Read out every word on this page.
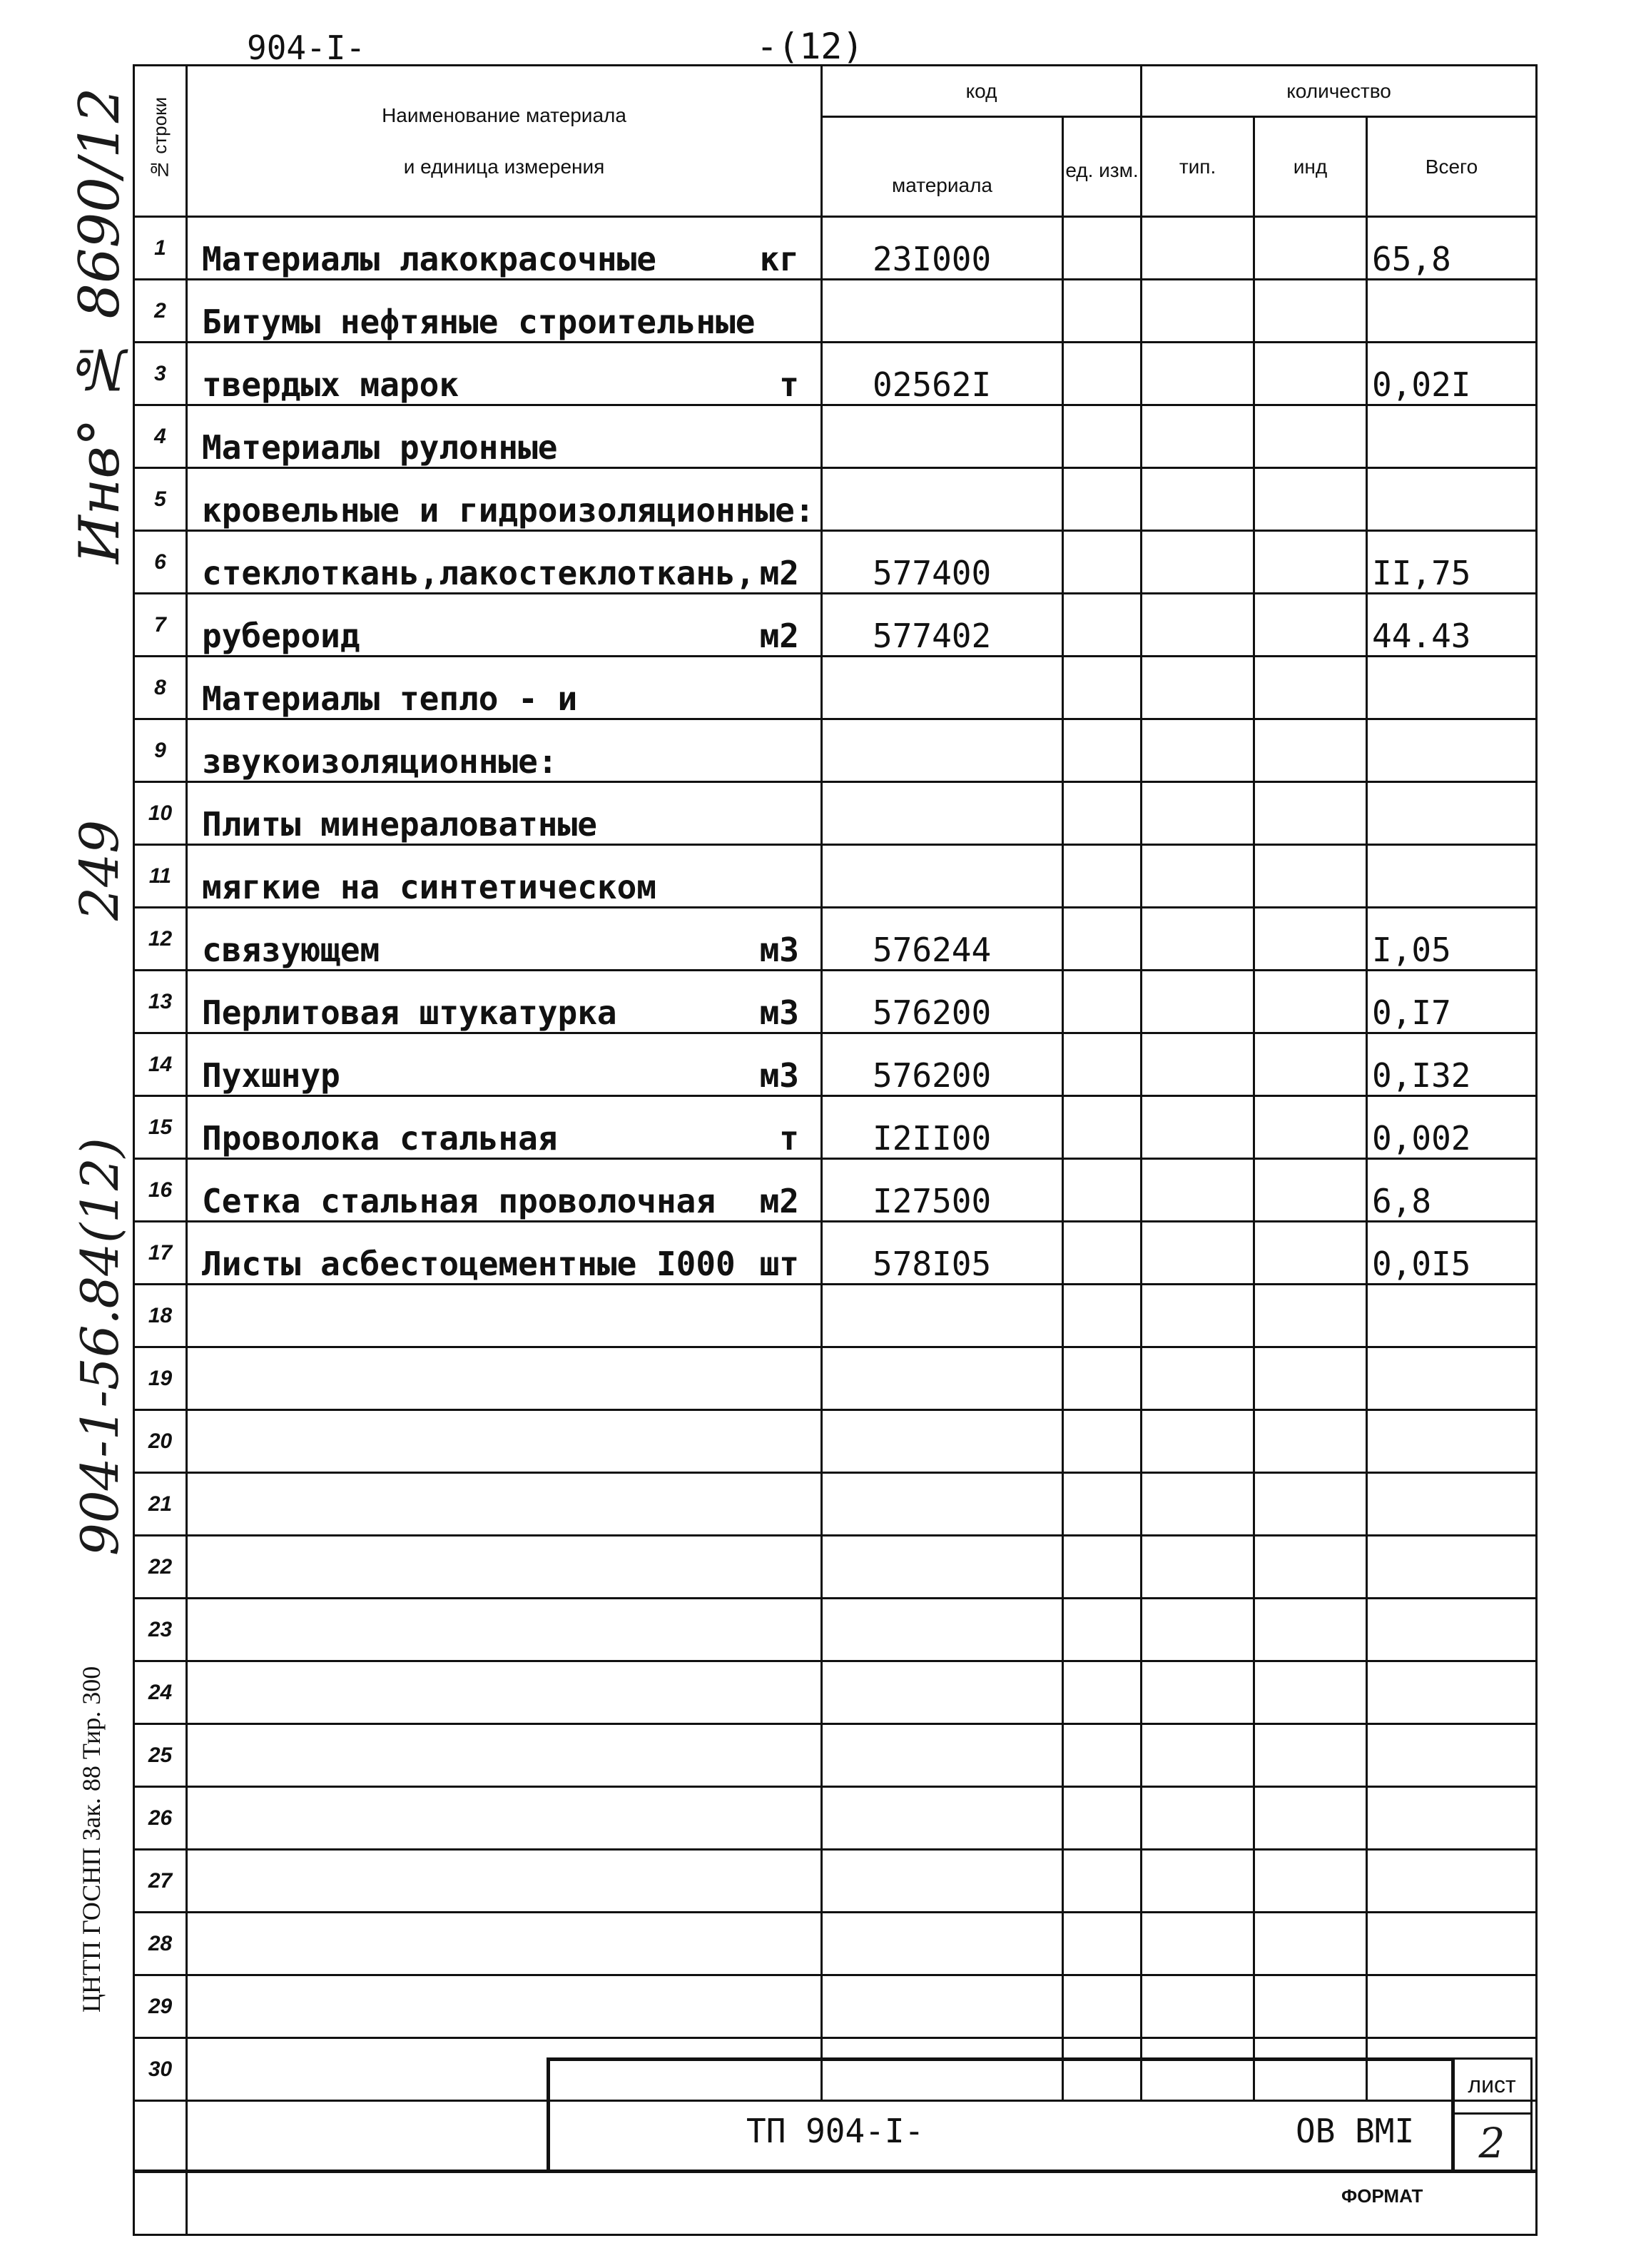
904-I-	-(12)
Инв° № 8690/12
249
904-1-56.84(12)
ЦНТП ГОСНП Зак. 88 Тир. 300
№ строки	Наименование материала
и единица измерения	код		количество		
		материала	ед. изм.	тип.	инд	Всего
1	Материалы лакокрасочные кг	23I000				65,8
2	Битумы нефтяные строительные					

3	твердых марок т	02562I				0,02I
4	Материалы рулонные					

5	кровельные и гидроизоляционные:					

6	стеклоткань,лакостеклоткань, м2	577400				II,75
7	рубероид м2	577402				44.43
8	Материалы тепло - и					

9	звукоизоляционные:					

10	Плиты минераловатные					

11	мягкие на синтетическом					

12	связующем м3	576244				I,05
13	Перлитовая штукатурка м3	576200				0,I7
14	Пухшнур м3	576200				0,I32
15	Проволока стальная т	I2II00				0,002
16	Сетка стальная проволочная м2	I27500				6,8
17	Листы асбестоцементные I000 шт	578I05				0,0I5
18	

19	

20	

21	

22	

23	

24	

25	

26	

27	

28	

29	

30	

ТП 904-I-	ОВ ВМI
лист
2
ФОРМАТ
